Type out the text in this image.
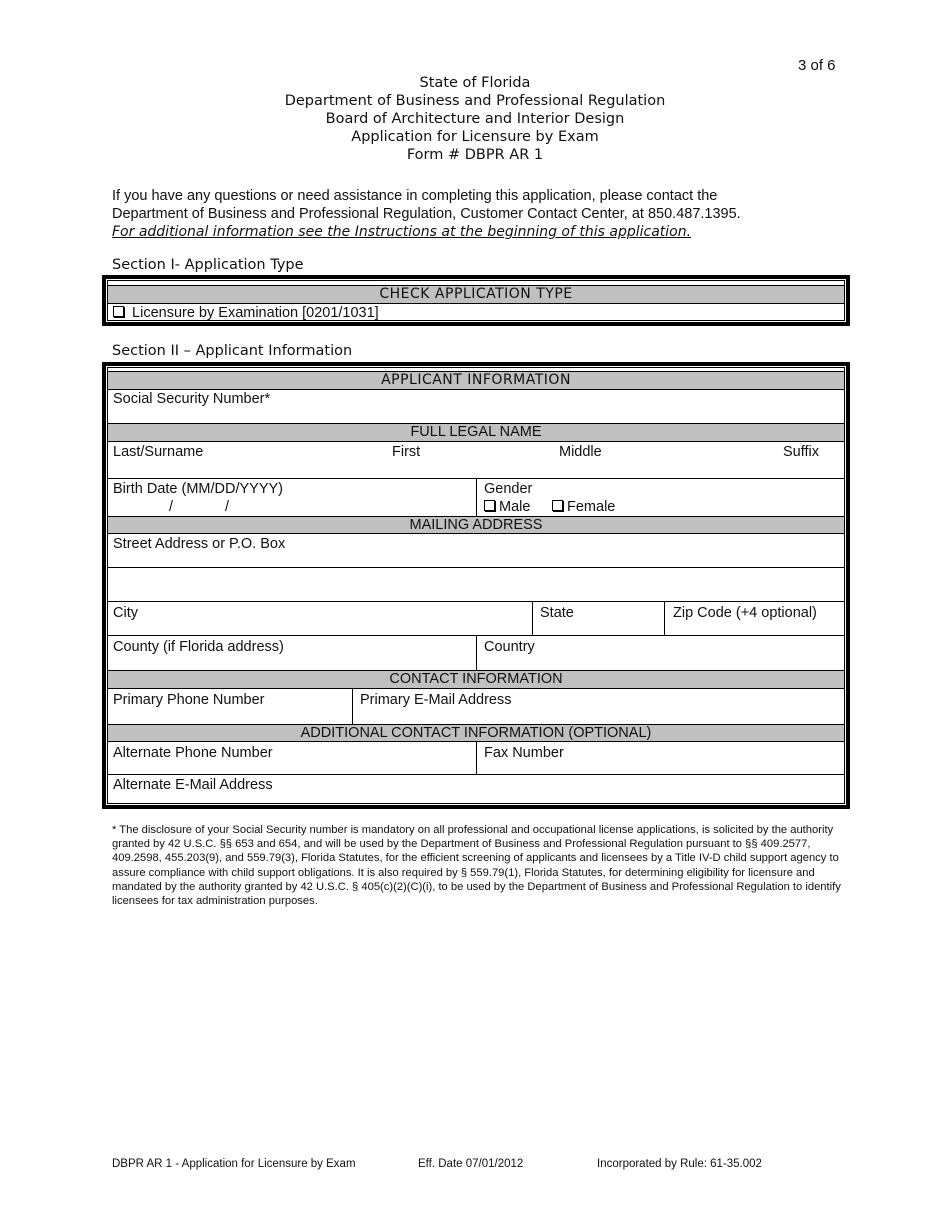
3 of 6
State of Florida
Department of Business and Professional Regulation
Board of Architecture and Interior Design
Application for Licensure by Exam
Form # DBPR AR 1
If you have any questions or need assistance in completing this application, please contact the
Department of Business and Professional Regulation, Customer Contact Center, at 850.487.1395.
For additional information see the Instructions at the beginning of this application.
Section I- Application Type
CHECK APPLICATION TYPE
Licensure by Examination [0201/1031]
Section II – Applicant Information
APPLICANT INFORMATION
Social Security Number*
FULL LEGAL NAME
Last/Surname	First	Middle	Suffix
Birth Date (MM/DD/YYYY)
/	/
Gender
Male	Female
MAILING ADDRESS
Street Address or P.O. Box
City	State	Zip Code (+4 optional)
County (if Florida address)	Country
CONTACT INFORMATION
Primary Phone Number	Primary E-Mail Address
ADDITIONAL CONTACT INFORMATION (OPTIONAL)
Alternate Phone Number	Fax Number
Alternate E-Mail Address
* The disclosure of your Social Security number is mandatory on all professional and occupational license applications, is solicited by the authority granted by 42 U.S.C. §§ 653 and 654, and will be used by the Department of Business and Professional Regulation pursuant to §§ 409.2577, 409.2598, 455.203(9), and 559.79(3), Florida Statutes, for the efficient screening of applicants and licensees by a Title IV-D child support agency to assure compliance with child support obligations. It is also required by § 559.79(1), Florida Statutes, for determining eligibility for licensure and mandated by the authority granted by 42 U.S.C. § 405(c)(2)(C)(i), to be used by the Department of Business and Professional Regulation to identify licensees for tax administration purposes.
DBPR AR 1 - Application for Licensure by Exam	Eff. Date 07/01/2012	Incorporated by Rule: 61-35.002
